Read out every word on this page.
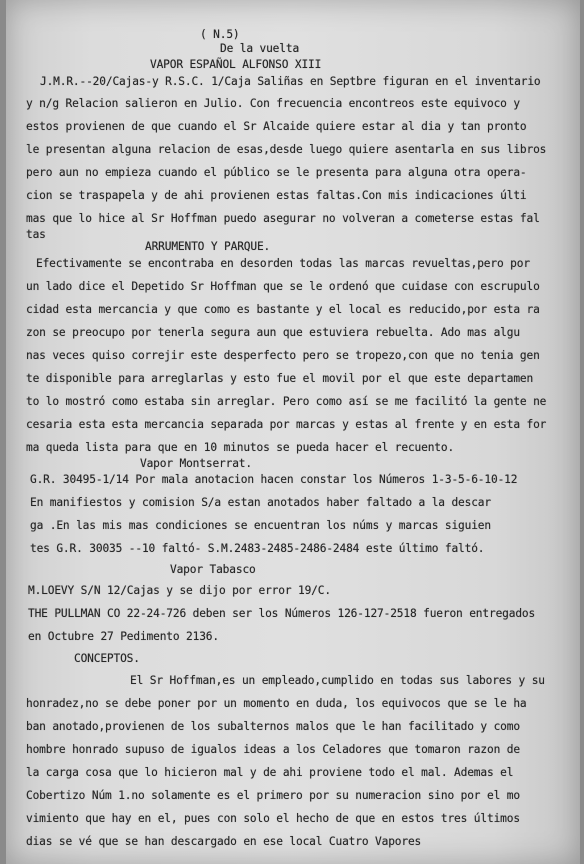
( N.5)
De la vuelta
VAPOR ESPAÑOL ALFONSO XIII
J.M.R.--20/Cajas-y R.S.C. 1/Caja Saliñas en Septbre figuran en el inventario
y n/g Relacion salieron en Julio. Con frecuencia encontreos este equivoco y
estos provienen de que cuando el Sr Alcaide quiere estar al dia y tan pronto
le presentan alguna relacion de esas,desde luego quiere asentarla en sus libros
pero aun no empieza cuando el público se le presenta para alguna otra opera-
cion se traspapela y de ahi provienen estas faltas.Con mis indicaciones últi
mas que lo hice al Sr Hoffman puedo asegurar no volveran a cometerse estas fal
tas
ARRUMENTO Y PARQUE.
Efectivamente se encontraba en desorden todas las marcas revueltas,pero por
un lado dice el Depetido Sr Hoffman que se le ordenó que cuidase con escrupulo
cidad esta mercancia y que como es bastante y el local es reducido,por esta ra
zon se preocupo por tenerla segura aun que estuviera rebuelta. Ado mas algu
nas veces quiso correjir este desperfecto pero se tropezo,con que no tenia gen
te disponible para arreglarlas y esto fue el movil por el que este departamen
to lo mostró como estaba sin arreglar. Pero como así se me facilitó la gente ne
cesaria esta esta mercancia separada por marcas y estas al frente y en esta for
ma queda lista para que en 10 minutos se pueda hacer el recuento.
Vapor Montserrat.
G.R. 30495-1/14 Por mala anotacion hacen constar los Números 1-3-5-6-10-12
En manifiestos y comision S/a estan anotados haber faltado a la descar
ga .En las mis mas condiciones se encuentran los núms y marcas siguien
tes G.R. 30035 --10 faltó- S.M.2483-2485-2486-2484 este último faltó.
Vapor Tabasco
M.LOEVY S/N 12/Cajas y se dijo por error 19/C.
THE PULLMAN CO 22-24-726 deben ser los Números 126-127-2518 fueron entregados
en Octubre 27 Pedimento 2136.
CONCEPTOS.
El Sr Hoffman,es un empleado,cumplido en todas sus labores y su
honradez,no se debe poner por un momento en duda, los equivocos que se le ha
ban anotado,provienen de los subalternos malos que le han facilitado y como
hombre honrado supuso de igualos ideas a los Celadores que tomaron razon de
la carga cosa que lo hicieron mal y de ahi proviene todo el mal. Ademas el
Cobertizo Núm 1.no solamente es el primero por su numeracion sino por el mo
vimiento que hay en el, pues con solo el hecho de que en estos tres últimos
dias se vé que se han descargado en ese local Cuatro Vapores
